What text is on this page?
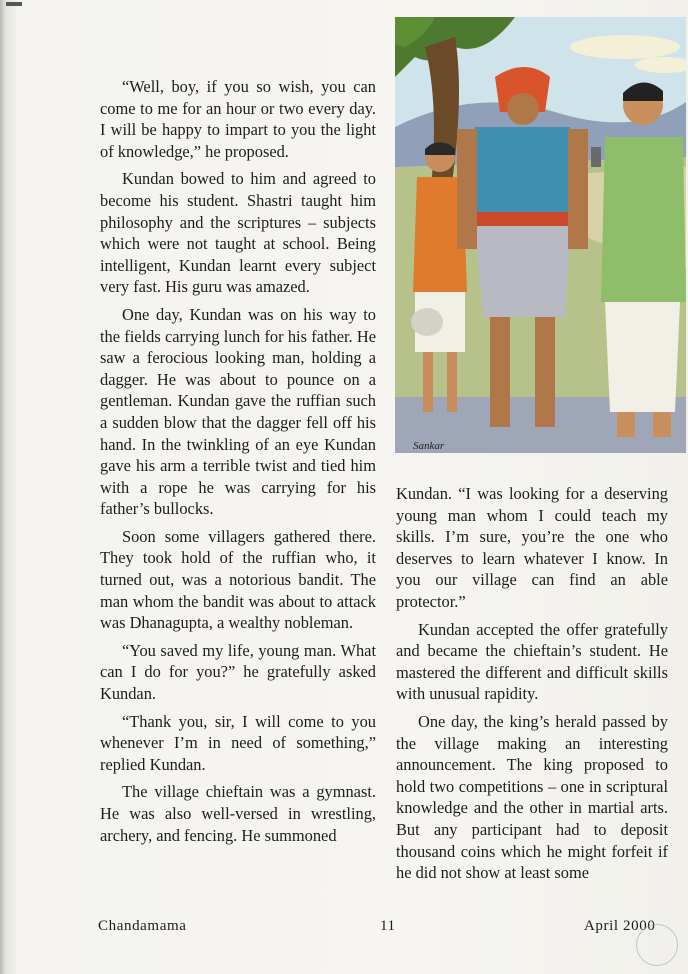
“Well, boy, if you so wish, you can come to me for an hour or two every day. I will be happy to impart to you the light of knowledge,” he proposed.

Kundan bowed to him and agreed to become his student. Shastri taught him philosophy and the scriptures – subjects which were not taught at school. Being intelligent, Kundan learnt every subject very fast. His guru was amazed.

One day, Kundan was on his way to the fields carrying lunch for his father. He saw a ferocious looking man, holding a dagger. He was about to pounce on a gentleman. Kundan gave the ruffian such a sudden blow that the dagger fell off his hand. In the twinkling of an eye Kundan gave his arm a terrible twist and tied him with a rope he was carrying for his father’s bullocks.

Soon some villagers gathered there. They took hold of the ruffian who, it turned out, was a notorious bandit. The man whom the bandit was about to attack was Dhanagupta, a wealthy nobleman.

“You saved my life, young man. What can I do for you?” he gratefully asked Kundan.

“Thank you, sir, I will come to you whenever I’m in need of something,” replied Kundan.

The village chieftain was a gymnast. He was also well-versed in wrestling, archery, and fencing. He summoned

Sankar

Kundan. “I was looking for a deserving young man whom I could teach my skills. I’m sure, you’re the one who deserves to learn whatever I know. In you our village can find an able protector.”

Kundan accepted the offer gratefully and became the chieftain’s student. He mastered the different and difficult skills with unusual rapidity.

One day, the king’s herald passed by the village making an interesting announcement. The king proposed to hold two competitions – one in scriptural knowledge and the other in martial arts. But any participant had to deposit thousand coins which he might forfeit if he did not show at least some

Chandamama	11	April 2000
